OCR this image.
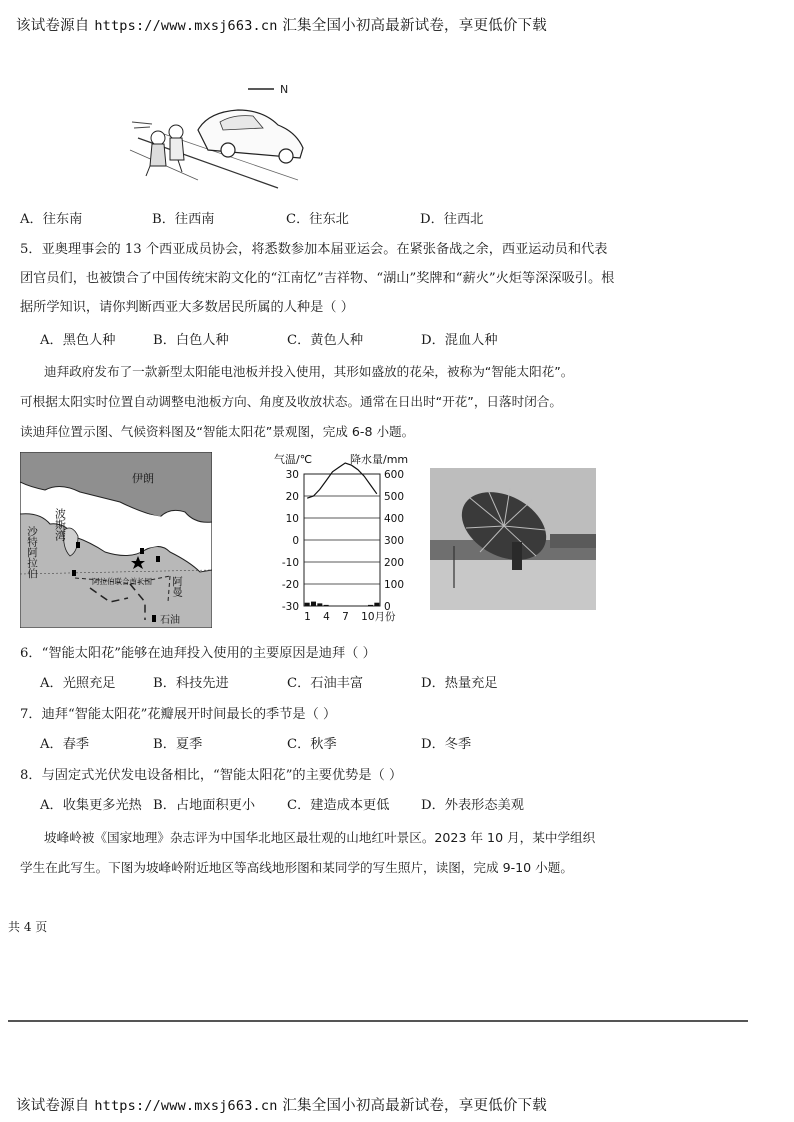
该试卷源自 https://www.mxsj663.cn 汇集全国小初高最新试卷，享更低价下载
N
A．往东南	B．往西南	C．往东北	D．往西北
5．亚奥理事会的 13 个西亚成员协会，将悉数参加本届亚运会。在紧张备战之余，西亚运动员和代表
团官员们，也被馈合了中国传统宋韵文化的“江南忆”吉祥物、“湖山”奖牌和“薪火”火炬等深深吸引。根
据所学知识，请你判断西亚大多数居民所属的人种是（ ）
A．黑色人种	B．白色人种	C．黄色人种	D．混血人种
迪拜政府发布了一款新型太阳能电池板并投入使用，其形如盛放的花朵，被称为“智能太阳花”。
可根据太阳实时位置自动调整电池板方向、角度及收放状态。通常在日出时“开花”，日落时闭合。
读迪拜位置示图、气候资料图及“智能太阳花”景观图，完成 6-8 小题。
伊朗
波斯湾
沙特阿拉伯
阿曼
阿拉伯联合酋长国
石油
气温/℃	降水量/mm
30	600
20	500
10	400
0	300
-10	200
-20	100
-30	0
1 4 7 10月份
6．“智能太阳花”能够在迪拜投入使用的主要原因是迪拜（ ）
A．光照充足	B．科技先进	C．石油丰富	D．热量充足
7．迪拜“智能太阳花”花瓣展开时间最长的季节是（ ）
A．春季	B．夏季	C．秋季	D．冬季
8．与固定式光伏发电设备相比，“智能太阳花”的主要优势是（ ）
A．收集更多光热 B．占地面积更小 C．建造成本更低 D．外表形态美观
坡峰岭被《国家地理》杂志评为中国华北地区最壮观的山地红叶景区。2023 年 10 月，某中学组织
学生在此写生。下图为坡峰岭附近地区等高线地形图和某同学的写生照片，读图，完成 9-10 小题。
共 4 页
该试卷源自 https://www.mxsj663.cn 汇集全国小初高最新试卷，享更低价下载
